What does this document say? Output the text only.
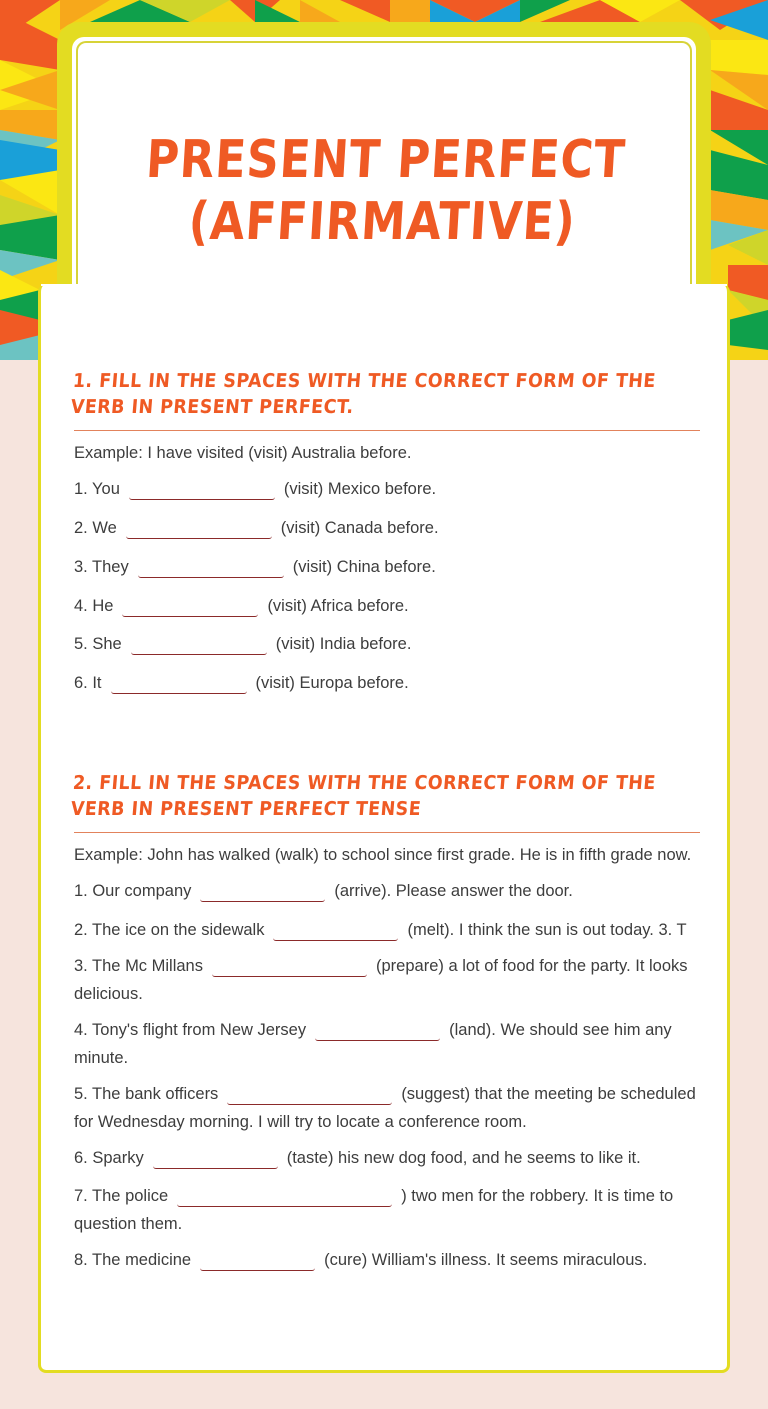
PRESENT PERFECT
(AFFIRMATIVE)
1. FILL IN THE SPACES WITH THE CORRECT FORM OF THE VERB IN PRESENT PERFECT.
Example: I have visited (visit) Australia before.
1. You	(visit) Mexico before.
2. We	(visit) Canada before.
3. They	(visit) China before.
4. He	(visit) Africa before.
5. She	(visit) India before.
6. It	(visit) Europa before.
2. FILL IN THE SPACES WITH THE CORRECT FORM OF THE VERB IN PRESENT PERFECT TENSE
Example: John has walked (walk) to school since first grade. He is in fifth grade now.
1. Our company	(arrive). Please answer the door.
2. The ice on the sidewalk	(melt). I think the sun is out today. 3. T
3. The Mc Millans	(prepare) a lot of food for the party. It looks delicious.
4. Tony's flight from New Jersey	(land). We should see him any minute.
5. The bank officers	(suggest) that the meeting be scheduled for Wednesday morning. I will try to locate a conference room.
6. Sparky	(taste) his new dog food, and he seems to like it.
7. The police	) two men for the robbery. It is time to question them.
8. The medicine	(cure) William's illness. It seems miraculous.
